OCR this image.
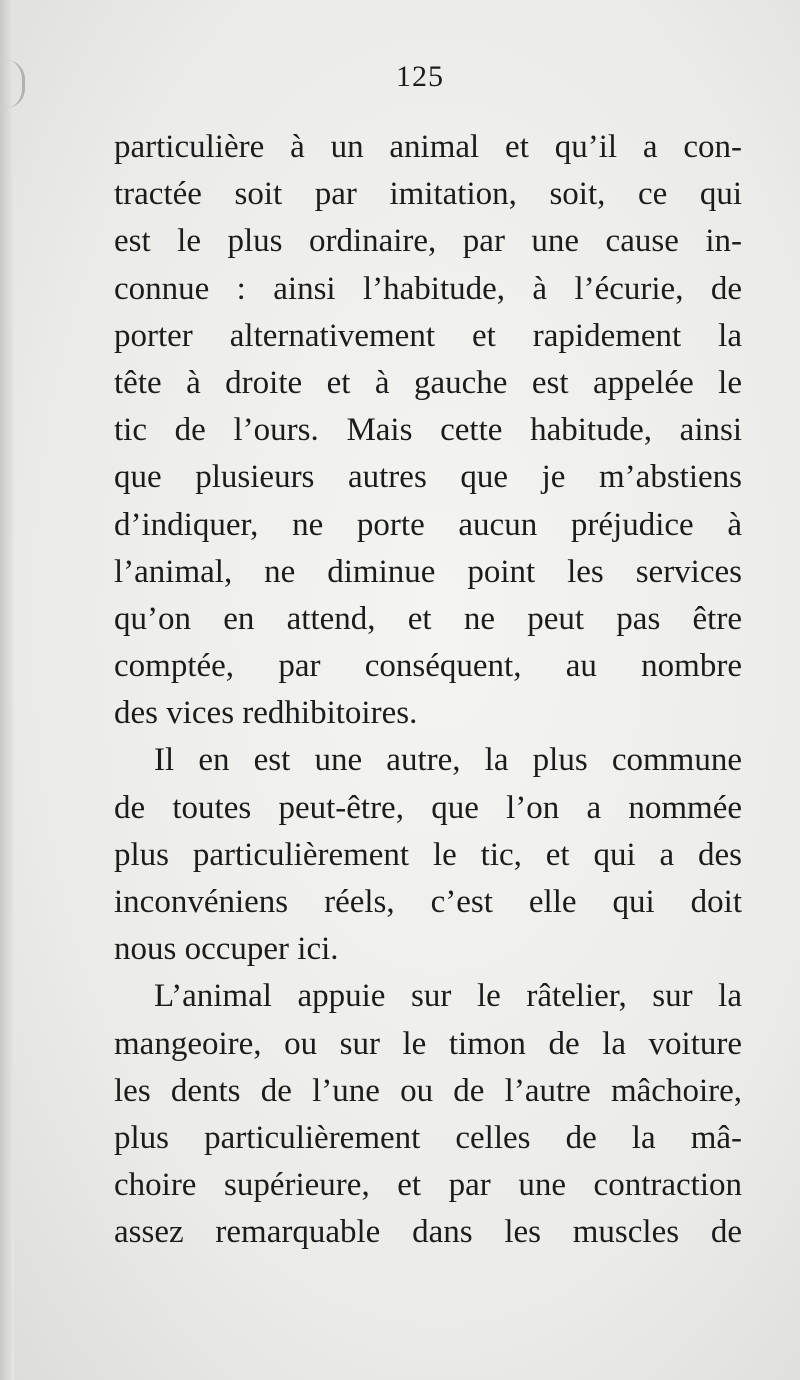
125
particulière à un animal et qu’il a con-
tractée soit par imitation, soit, ce qui
est le plus ordinaire, par une cause in-
connue : ainsi l’habitude, à l’écurie, de
porter alternativement et rapidement la
tête à droite et à gauche est appelée le
tic de l’ours. Mais cette habitude, ainsi
que plusieurs autres que je m’abstiens
d’indiquer, ne porte aucun préjudice à
l’animal, ne diminue point les services
qu’on en attend, et ne peut pas être
comptée, par conséquent, au nombre
des vices redhibitoires.
Il en est une autre, la plus commune
de toutes peut-être, que l’on a nommée
plus particulièrement le tic, et qui a des
inconvéniens réels, c’est elle qui doit
nous occuper ici.
L’animal appuie sur le râtelier, sur la
mangeoire, ou sur le timon de la voiture
les dents de l’une ou de l’autre mâchoire,
plus particulièrement celles de la mâ-
choire supérieure, et par une contraction
assez remarquable dans les muscles de
